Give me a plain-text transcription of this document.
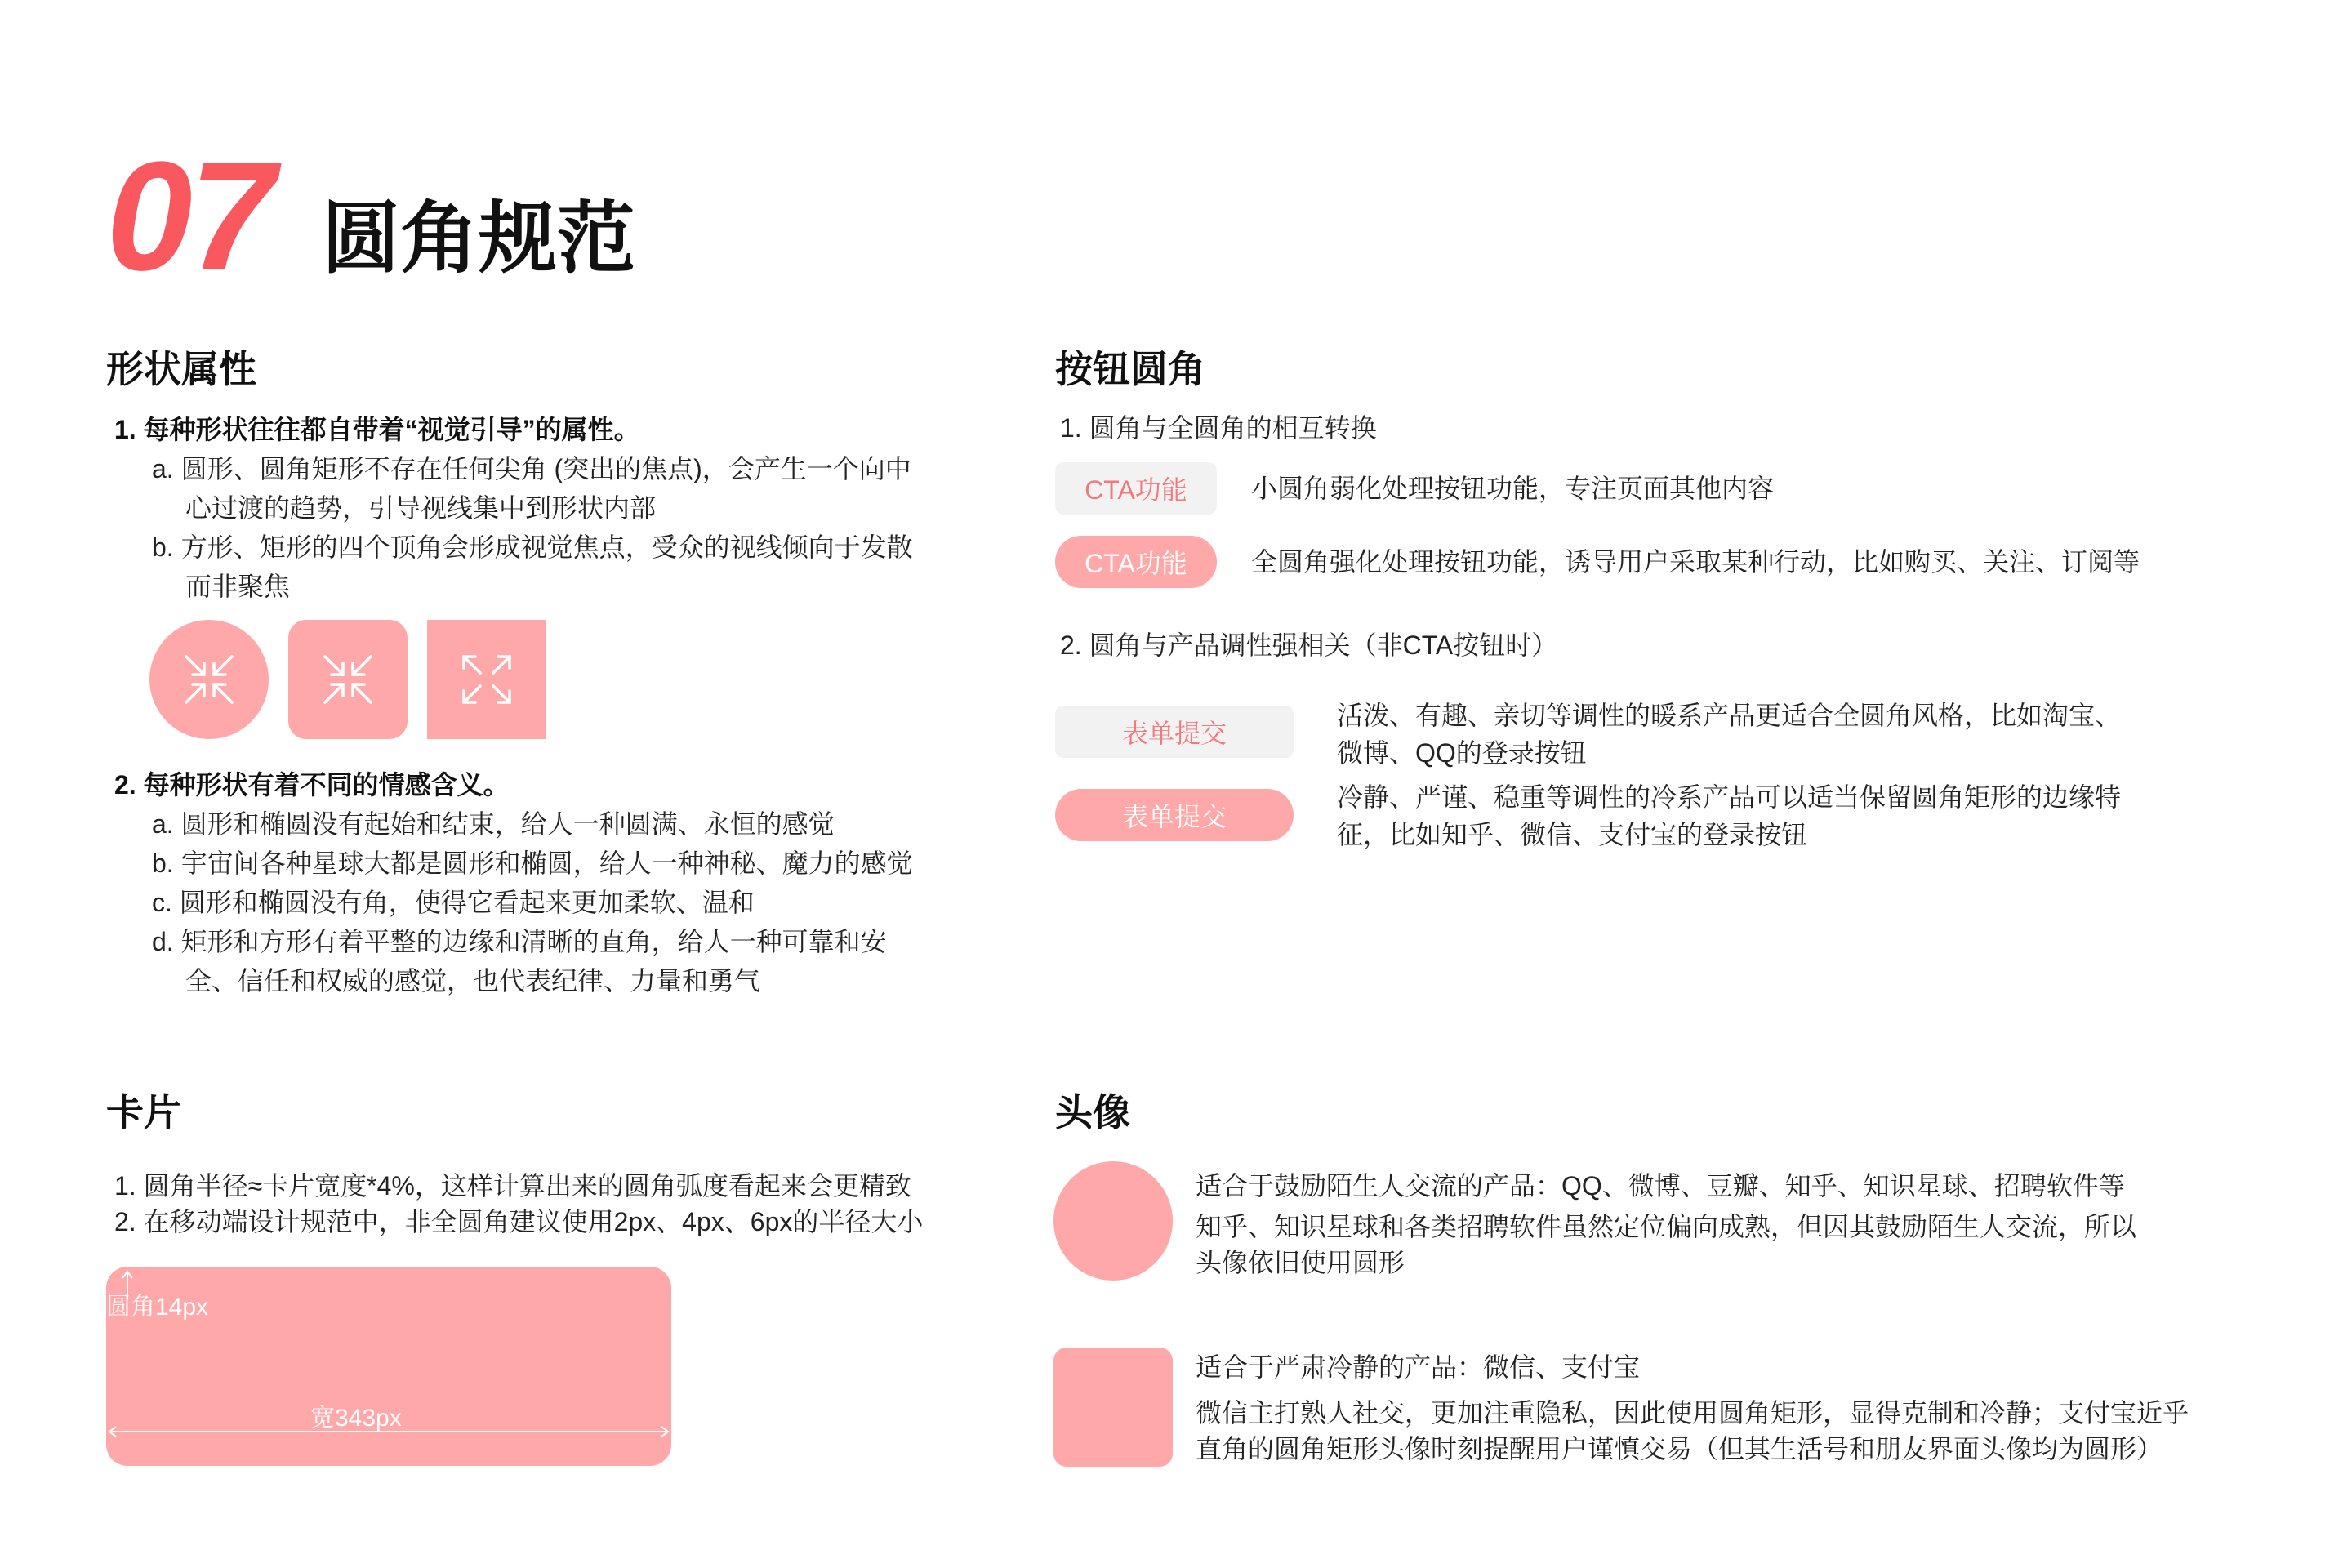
07 圆角规范
形状属性
1. 每种形状往往都自带着“视觉引导”的属性。
a. 圆形、圆角矩形不存在任何尖角 (突出的焦点)，会产生一个向中
心过渡的趋势，引导视线集中到形状内部
b. 方形、矩形的四个顶角会形成视觉焦点，受众的视线倾向于发散
而非聚焦
2. 每种形状有着不同的情感含义。
a. 圆形和椭圆没有起始和结束，给人一种圆满、永恒的感觉
b. 宇宙间各种星球大都是圆形和椭圆，给人一种神秘、魔力的感觉
c. 圆形和椭圆没有角，使得它看起来更加柔软、温和
d. 矩形和方形有着平整的边缘和清晰的直角，给人一种可靠和安
全、信任和权威的感觉，也代表纪律、力量和勇气
按钮圆角
1. 圆角与全圆角的相互转换
CTA功能	小圆角弱化处理按钮功能，专注页面其他内容
CTA功能	全圆角强化处理按钮功能，诱导用户采取某种行动，比如购买、关注、订阅等
2. 圆角与产品调性强相关（非CTA按钮时）
表单提交
活泼、有趣、亲切等调性的暖系产品更适合全圆角风格，比如淘宝、
微博、QQ的登录按钮
表单提交
冷静、严谨、稳重等调性的冷系产品可以适当保留圆角矩形的边缘特
征，比如知乎、微信、支付宝的登录按钮
卡片
1. 圆角半径≈卡片宽度*4%，这样计算出来的圆角弧度看起来会更精致
2. 在移动端设计规范中，非全圆角建议使用2px、4px、6px的半径大小
圆角14px
宽343px
头像
适合于鼓励陌生人交流的产品：QQ、微博、豆瓣、知乎、知识星球、招聘软件等
知乎、知识星球和各类招聘软件虽然定位偏向成熟，但因其鼓励陌生人交流，所以
头像依旧使用圆形
适合于严肃冷静的产品：微信、支付宝
微信主打熟人社交，更加注重隐私，因此使用圆角矩形，显得克制和冷静；支付宝近乎
直角的圆角矩形头像时刻提醒用户谨慎交易（但其生活号和朋友界面头像均为圆形）
